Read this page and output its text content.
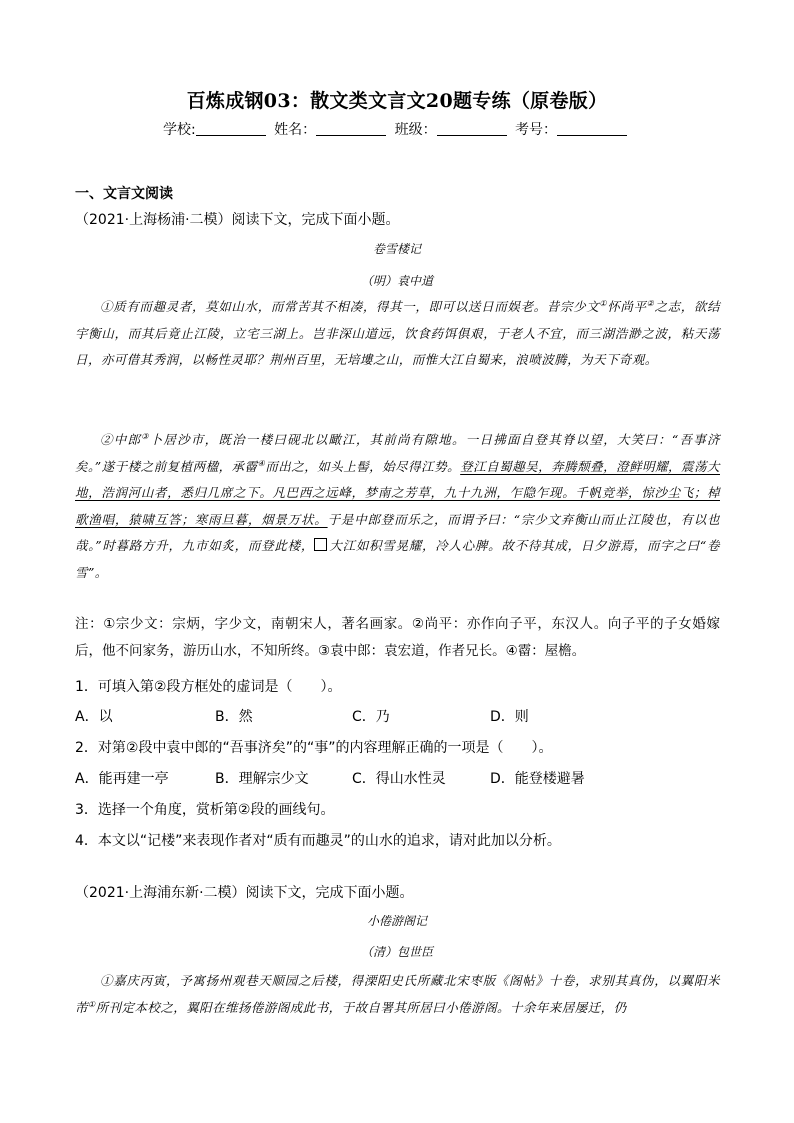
百炼成钢03：散文类文言文20题专练（原卷版）
学校:	姓名：	班级：	考号：
一、文言文阅读
（2021·上海杨浦·二模）阅读下文，完成下面小题。
卷雪楼记
（明）袁中道

①质有而趣灵者，莫如山水，而常苦其不相凑，得其一，即可以送日而娱老。昔宗少文①怀尚平②之志，欲结宇衡山，而其后竟止江陵，立宅三湖上。岂非深山道远，饮食药饵俱艰，于老人不宜，而三湖浩渺之波，粘天荡日，亦可借其秀润，以畅性灵耶？荆州百里，无培塿之山，而惟大江自蜀来，浪喷波腾，为天下奇观。

②中郎③卜居沙市，既治一楼曰砚北以瞰江，其前尚有隙地。一日拂面自登其脊以望，大笑曰：“吾事济矣。”遂于楼之前复植两楹，承霤④而出之，如头上髻，始尽得江势。登江自蜀趣吴，奔腾颓叠，澄鲜明耀，震荡大地，浩润河山者，悉归几席之下。凡巴西之远峰，梦南之芳草，九十九洲，乍隐乍现。千帆竞举，惊沙尘飞；棹歌渔唱，猿啸互答；寒雨旦暮，烟景万状。于是中郎登而乐之，而谓予曰：“宗少文弃衡山而止江陵也，有以也哉。”时暮路方升，九市如炙，而登此楼， 大江如积雪晃耀，冷人心脾。故不待其成，日夕游焉，而字之曰“卷雪”。

注：①宗少文：宗炳，字少文，南朝宋人，著名画家。②尚平：亦作向子平，东汉人。向子平的子女婚嫁后，他不问家务，游历山水，不知所终。③袁中郎：袁宏道，作者兄长。④霤：屋檐。

1．可填入第②段方框处的虚词是（　　）。
A．以	B．然	C．乃	D．则
2．对第②段中袁中郎的“吾事济矣”的“事”的内容理解正确的一项是（　　）。
A．能再建一亭	B．理解宗少文	C．得山水性灵	D．能登楼避暑
3．选择一个角度，赏析第②段的画线句。
4．本文以“记楼”来表现作者对“质有而趣灵”的山水的追求，请对此加以分析。
（2021·上海浦东新·二模）阅读下文，完成下面小题。
小倦游阁记
（清）包世臣

①嘉庆丙寅，予寓扬州观巷天顺园之后楼，得溧阳史氏所藏北宋枣版《阁帖》十卷，求别其真伪，以翼阳米芾①所刊定本校之，翼阳在维扬倦游阁成此书，于故自署其所居曰小倦游阁。十余年来居屡迁，仍
